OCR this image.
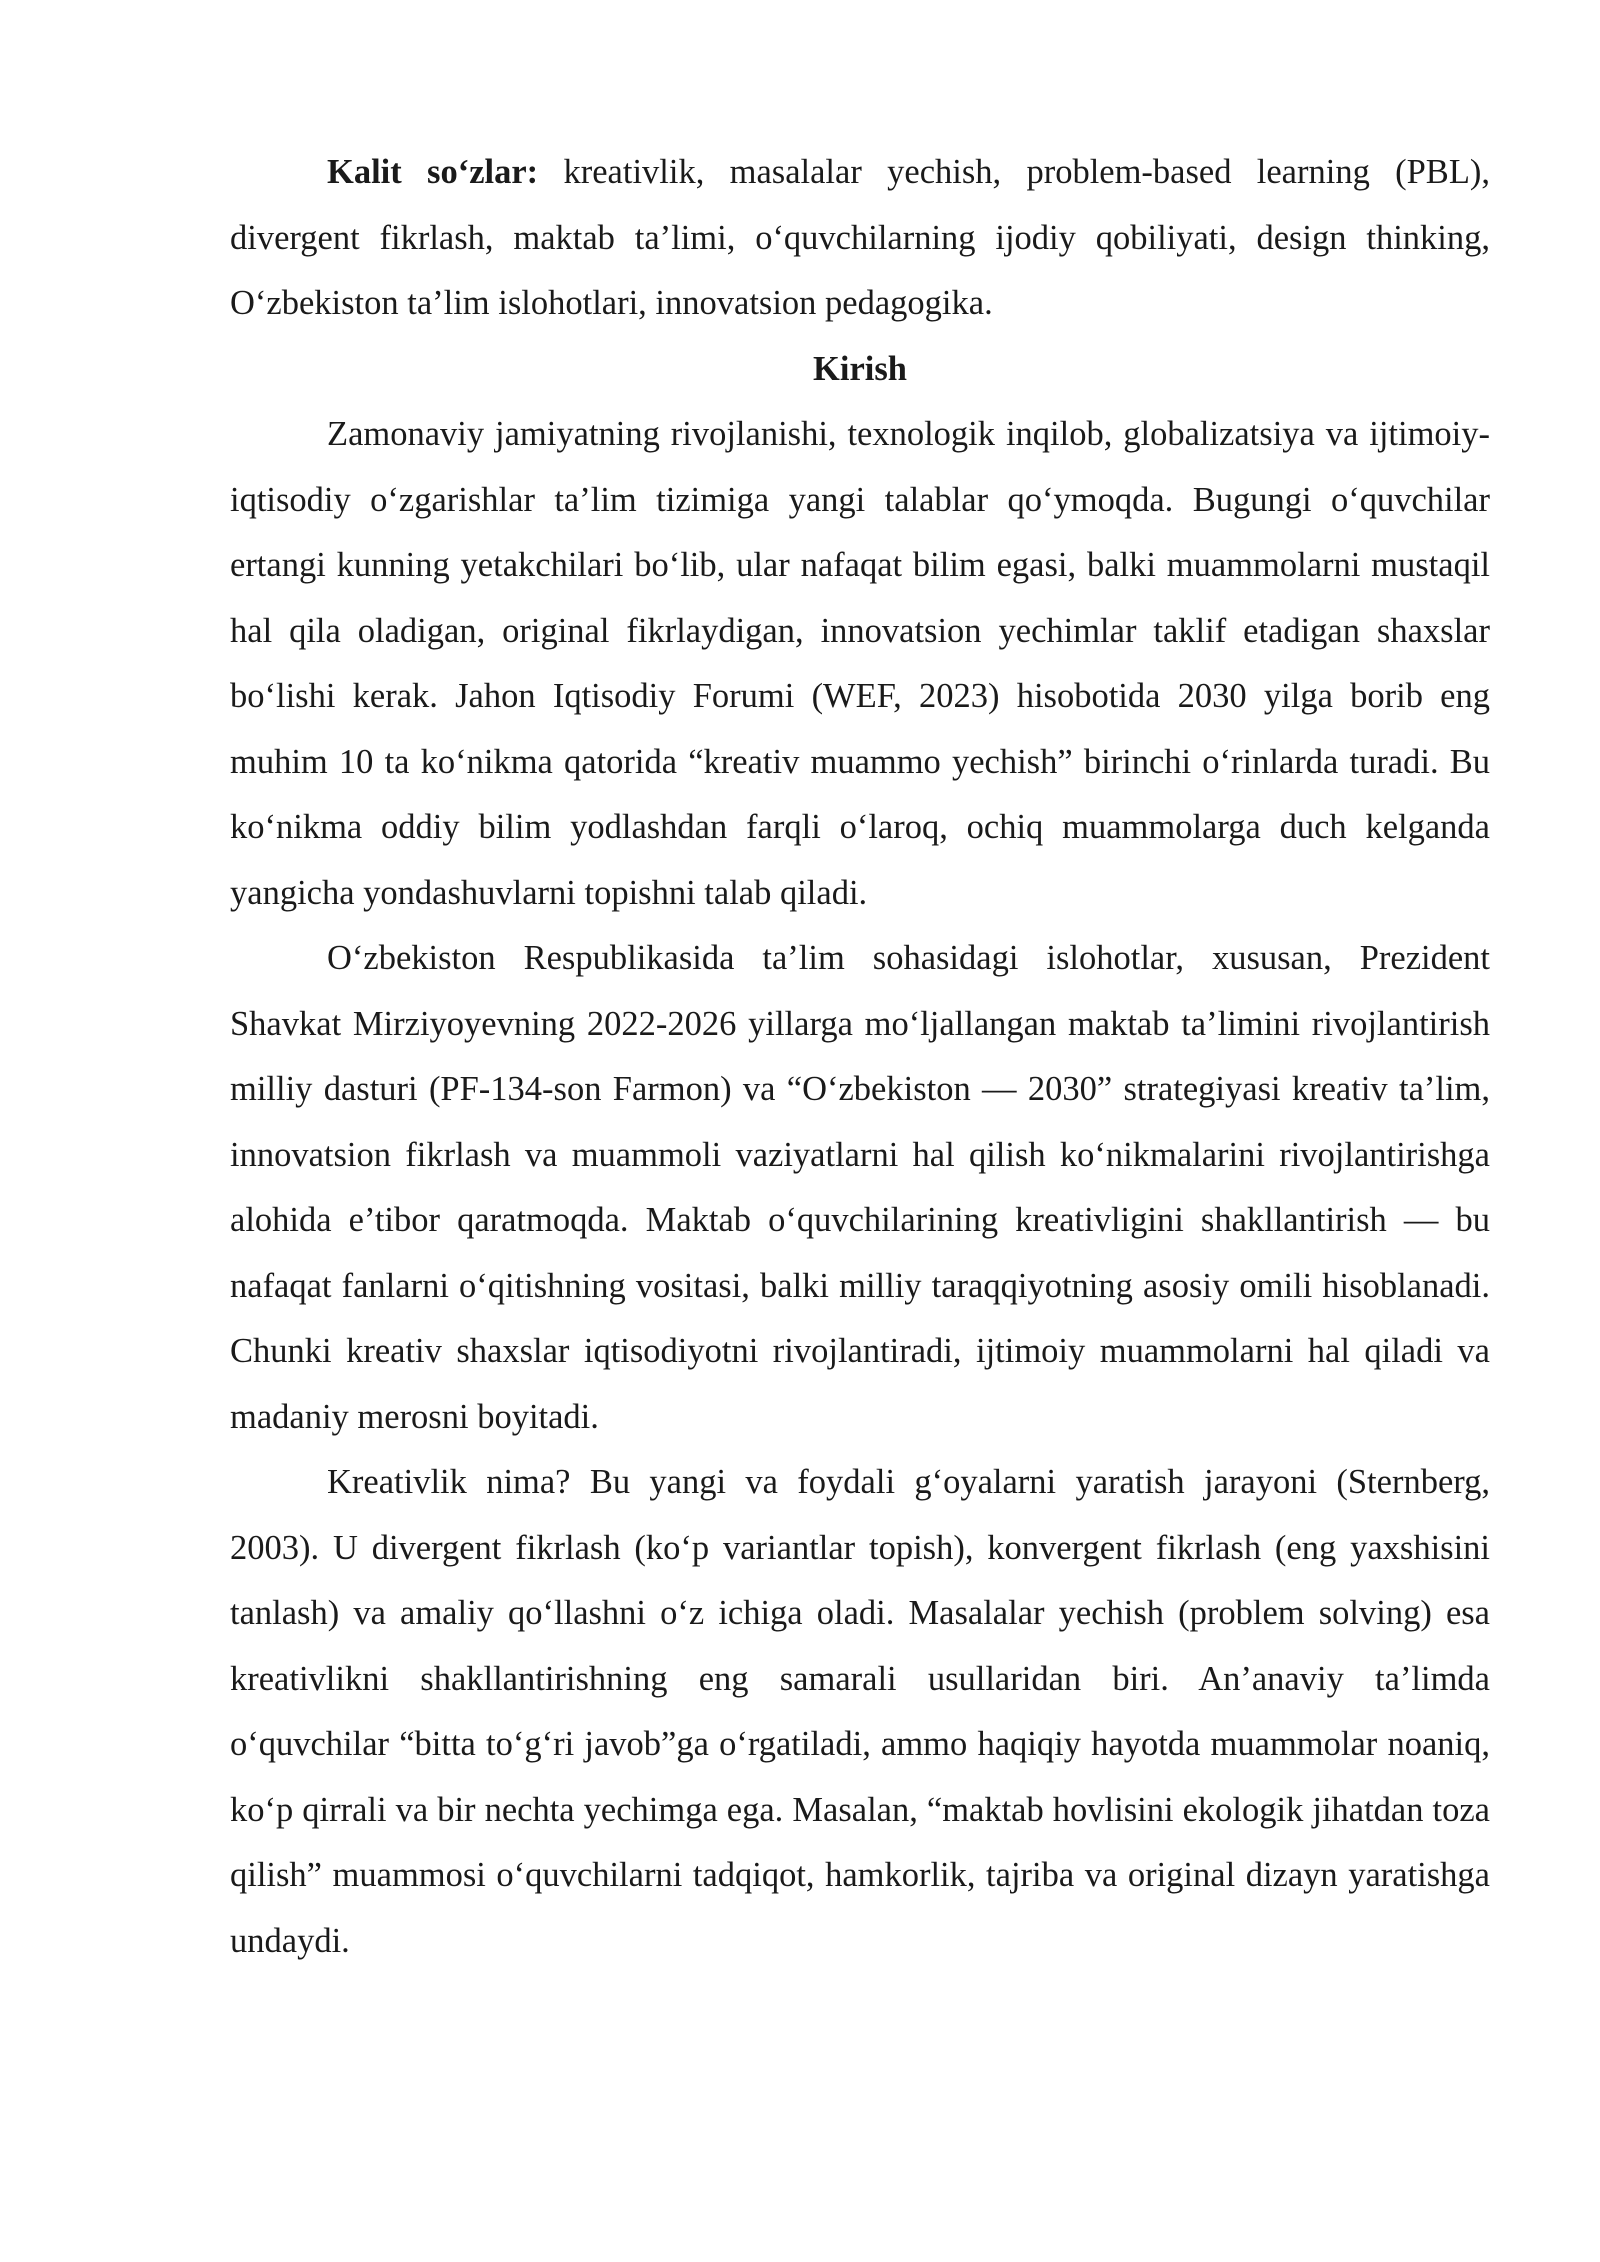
Kalit so‘zlar: kreativlik, masalalar yechish, problem-based learning (PBL), divergent fikrlash, maktab ta’limi, o‘quvchilarning ijodiy qobiliyati, design thinking, O‘zbekiston ta’lim islohotlari, innovatsion pedagogika.

Kirish

Zamonaviy jamiyatning rivojlanishi, texnologik inqilob, globalizatsiya va ijtimoiy-iqtisodiy o‘zgarishlar ta’lim tizimiga yangi talablar qo‘ymoqda. Bugungi o‘quvchilar ertangi kunning yetakchilari bo‘lib, ular nafaqat bilim egasi, balki muammolarni mustaqil hal qila oladigan, original fikrlaydigan, innovatsion yechimlar taklif etadigan shaxslar bo‘lishi kerak. Jahon Iqtisodiy Forumi (WEF, 2023) hisobotida 2030 yilga borib eng muhim 10 ta ko‘nikma qatorida “kreativ muammo yechish” birinchi o‘rinlarda turadi. Bu ko‘nikma oddiy bilim yodlashdan farqli o‘laroq, ochiq muammolarga duch kelganda yangicha yondashuvlarni topishni talab qiladi.

O‘zbekiston Respublikasida ta’lim sohasidagi islohotlar, xususan, Prezident Shavkat Mirziyoyevning 2022-2026 yillarga mo‘ljallangan maktab ta’limini rivojlantirish milliy dasturi (PF-134-son Farmon) va “O‘zbekiston — 2030” strategiyasi kreativ ta’lim, innovatsion fikrlash va muammoli vaziyatlarni hal qilish ko‘nikmalarini rivojlantirishga alohida e’tibor qaratmoqda. Maktab o‘quvchilarining kreativligini shakllantirish — bu nafaqat fanlarni o‘qitishning vositasi, balki milliy taraqqiyotning asosiy omili hisoblanadi. Chunki kreativ shaxslar iqtisodiyotni rivojlantiradi, ijtimoiy muammolarni hal qiladi va madaniy merosni boyitadi.

Kreativlik nima? Bu yangi va foydali g‘oyalarni yaratish jarayoni (Sternberg, 2003). U divergent fikrlash (ko‘p variantlar topish), konvergent fikrlash (eng yaxshisini tanlash) va amaliy qo‘llashni o‘z ichiga oladi. Masalalar yechish (problem solving) esa kreativlikni shakllantirishning eng samarali usullaridan biri. An’anaviy ta’limda o‘quvchilar “bitta to‘g‘ri javob”ga o‘rgatiladi, ammo haqiqiy hayotda muammolar noaniq, ko‘p qirrali va bir nechta yechimga ega. Masalan, “maktab hovlisini ekologik jihatdan toza qilish” muammosi o‘quvchilarni tadqiqot, hamkorlik, tajriba va original dizayn yaratishga undaydi.
